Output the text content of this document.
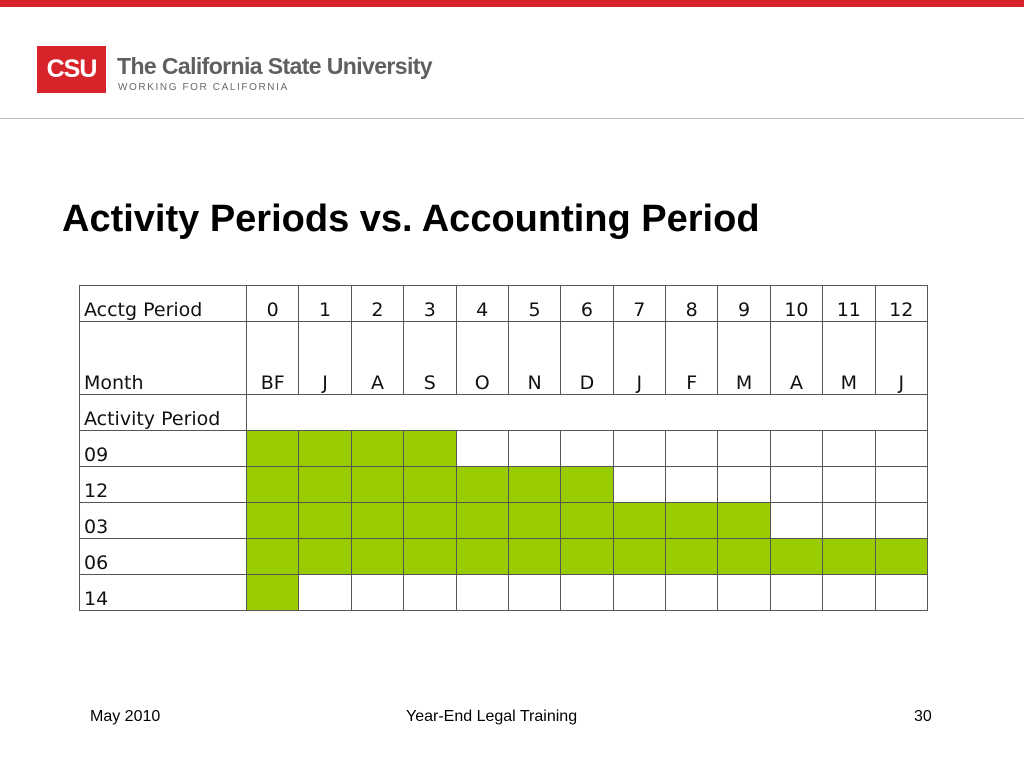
CSU The California State University
WORKING FOR CALIFORNIA
Activity Periods vs. Accounting Period
Acctg Period	0	1	2	3	4	5	6	7	8	9	10	11	12
Month	BF	J	A	S	O	N	D	J	F	M	A	M	J
Activity Period													
09													
12													
03													
06													
14													
May 2010	Year-End Legal Training	30
